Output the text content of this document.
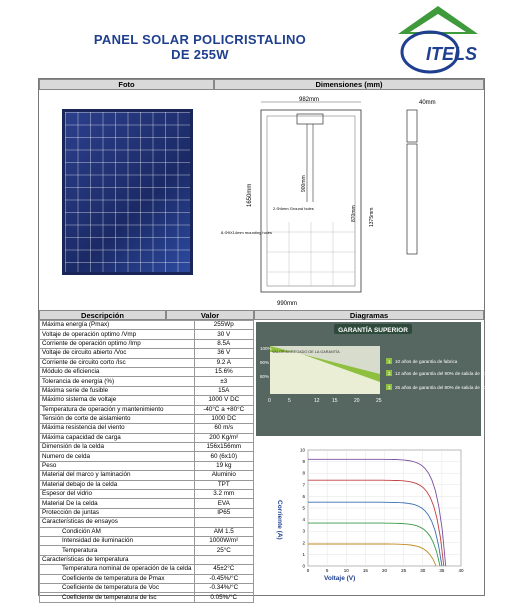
PANEL SOLAR POLICRISTALINO
DE 255W	ITELS
Foto	Dimensiones (mm)
982mm
990mm
1650mm	900mm
870mm 1375mm
2-Φ4mm Ground holes
8-Φ9X14mm mounting holes
40mm
Descripción	Valor	Diagramas
Máxima energía (Pmax)	255Wp
Voltaje de operación optimo /Vmp	30 V
Corriente de operación optimo /Imp	8.5A
Voltaje de circuito abierto /Voc	36 V
Corriente de circuito corto /Isc	9.2 A
Módulo de eficiencia	15.6%
Tolerancia de energía (%)	±3
Máxima serie de fusible	15A
Máximo sistema de voltaje	1000 V DC
Temperatura de operación y mantenimiento	-40°C a +80°C
Tensión de corte de aislamiento	1000 DC
Máxima resistencia del viento	60 m/s
Máxima capacidad de carga	200 Kg/m²
Dimensión de la celda	156x156mm
Numero de celda	60 (6x10)
Peso	19 kg
Material del marco y laminación	Aluminio
Material debajo de la celda	TPT
Espesor del vidrio	3.2 mm
Material De la celda	EVA
Protección de juntas	IP65
Características de ensayos	
Condición AM	AM 1.5
Intensidad de iluminación	1000W/m²
Temperatura	25°C
Características de temperatura	
Temperatura nominal de operación de la celda	45±2°C
Coeficiente de temperatura de Pmax	-0.45%/°C
Coeficiente de temperatura de Voc	-0.34%/°C
Coeficiente de temperatura de Isc	0.05%/°C
GARANTÍA SUPERIOR
VALOR AGREGADO DE LA GARANTÍA
100%
90%
80%
0	5	12 15	20	25
1 10 años de garantía de fabrica
2 12 años de garantía del 90% de salida de corriente
3 25 años de garantía del 80% de salida de corriente
Voltaje (V)
Corriente (A)
0	5	10	15	20	25	30	35	40
0
1
2
3
4
5
6
7
8
9
10
